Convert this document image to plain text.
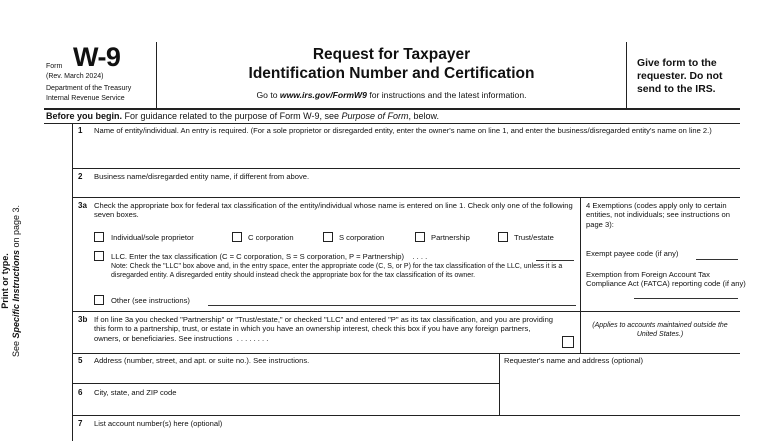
Form W-9
(Rev. March 2024)
Department of the Treasury
Internal Revenue Service
Request for Taxpayer
Identification Number and Certification
Go to www.irs.gov/FormW9 for instructions and the latest information.
Give form to the requester. Do not send to the IRS.
Before you begin. For guidance related to the purpose of Form W-9, see Purpose of Form, below.
Print or type.
See Specific Instructions on page 3.
1 Name of entity/individual. An entry is required. (For a sole proprietor or disregarded entity, enter the owner's name on line 1, and enter the business/disregarded entity's name on line 2.)
2 Business name/disregarded entity name, if different from above.
3a Check the appropriate box for federal tax classification of the entity/individual whose name is entered on line 1. Check only one of the following seven boxes.
Individual/sole proprietor	C corporation	S corporation	Partnership	Trust/estate
LLC. Enter the tax classification (C = C corporation, S = S corporation, P = Partnership) . . . .
Note: Check the "LLC" box above and, in the entry space, enter the appropriate code (C, S, or P) for the tax classification of the LLC, unless it is a disregarded entity. A disregarded entity should instead check the appropriate box for the tax classification of its owner.
Other (see instructions)
4 Exemptions (codes apply only to certain entities, not individuals; see instructions on page 3):
Exempt payee code (if any)
Exemption from Foreign Account Tax Compliance Act (FATCA) reporting code (if any)
3b If on line 3a you checked "Partnership" or "Trust/estate," or checked "LLC" and entered "P" as its tax classification, and you are providing this form to a partnership, trust, or estate in which you have an ownership interest, check this box if you have any foreign partners, owners, or beneficiaries. See instructions . . . . . . . .
(Applies to accounts maintained outside the United States.)
5 Address (number, street, and apt. or suite no.). See instructions.	Requester's name and address (optional)
6 City, state, and ZIP code
7 List account number(s) here (optional)
